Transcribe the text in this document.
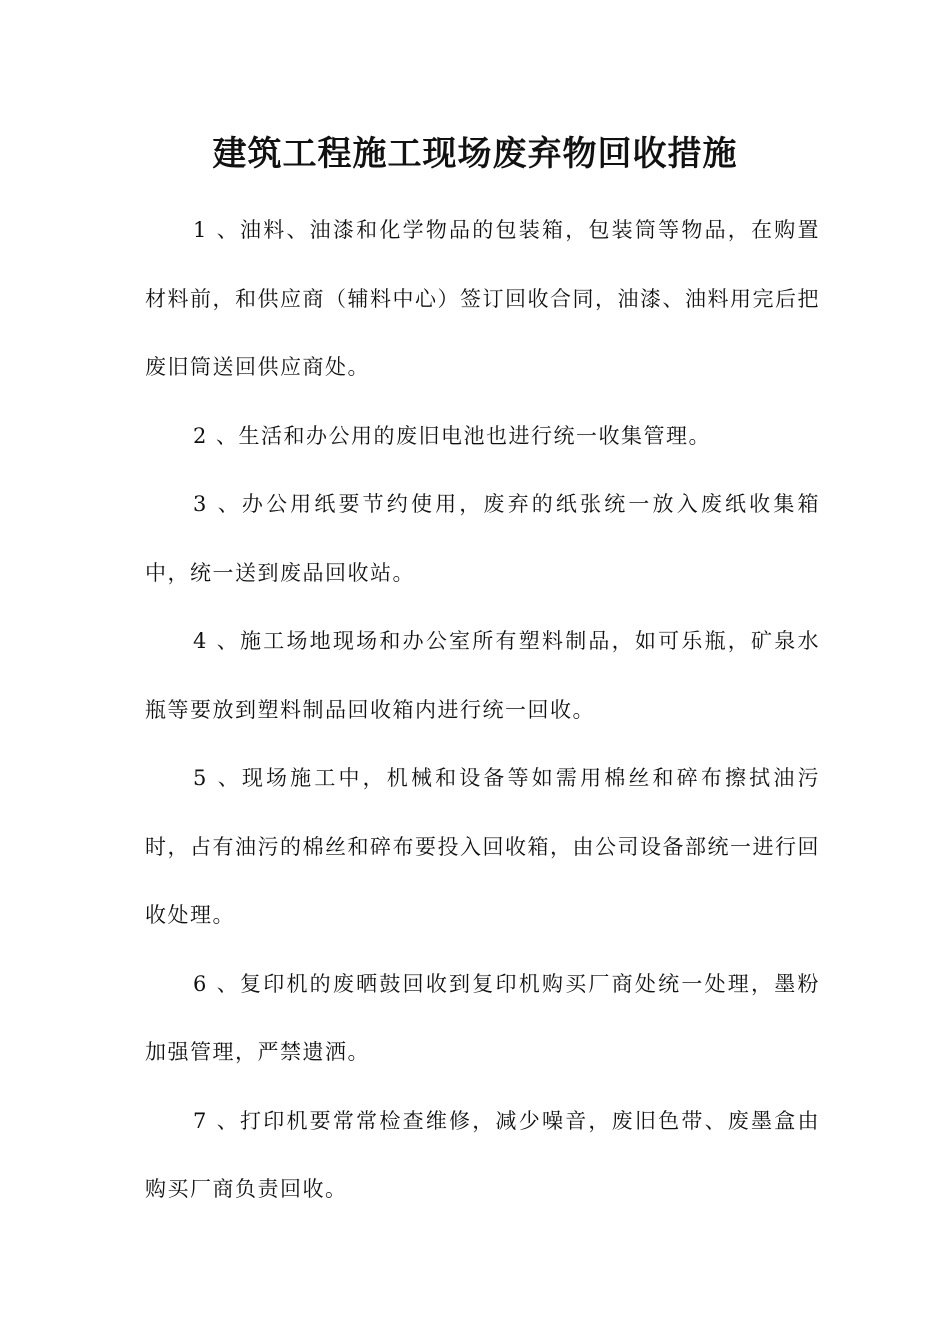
建筑工程施工现场废弃物回收措施

1 、油料、油漆和化学物品的包装箱，包装筒等物品，在购置材料前，和供应商（辅料中心）签订回收合同，油漆、油料用完后把废旧筒送回供应商处。

2 、生活和办公用的废旧电池也进行统一收集管理。

3 、办公用纸要节约使用，废弃的纸张统一放入废纸收集箱中，统一送到废品回收站。

4 、施工场地现场和办公室所有塑料制品，如可乐瓶，矿泉水瓶等要放到塑料制品回收箱内进行统一回收。

5 、现场施工中，机械和设备等如需用棉丝和碎布擦拭油污时，占有油污的棉丝和碎布要投入回收箱，由公司设备部统一进行回收处理。

6 、复印机的废晒鼓回收到复印机购买厂商处统一处理，墨粉加强管理，严禁遗洒。

7 、打印机要常常检查维修，减少噪音，废旧色带、废墨盒由购买厂商负责回收。
